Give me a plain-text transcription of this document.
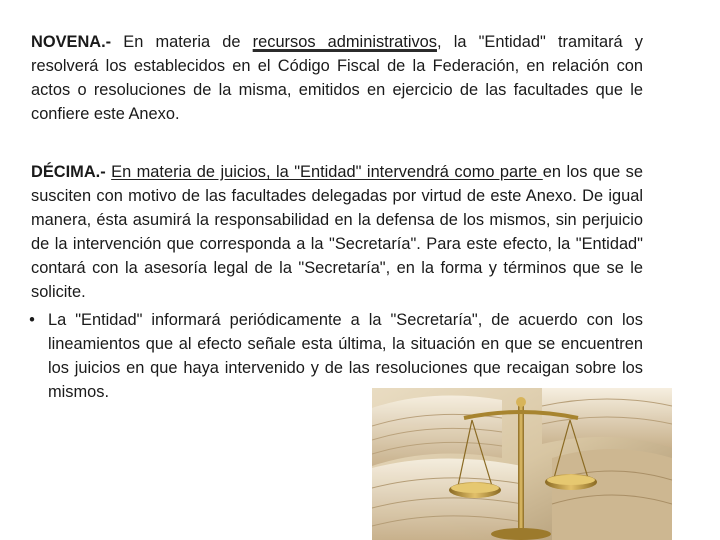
NOVENA.- En materia de recursos administrativos, la "Entidad" tramitará y resolverá los establecidos en el Código Fiscal de la Federación, en relación con actos o resoluciones de la misma, emitidos en ejercicio de las facultades que le confiere este Anexo.
DÉCIMA.- En materia de juicios, la "Entidad" intervendrá como parte en los que se susciten con motivo de las facultades delegadas por virtud de este Anexo. De igual manera, ésta asumirá la responsabilidad en la defensa de los mismos, sin perjuicio de la intervención que corresponda a la "Secretaría". Para este efecto, la "Entidad" contará con la asesoría legal de la "Secretaría", en la forma y términos que se le solicite.
• La "Entidad" informará periódicamente a la "Secretaría", de acuerdo con los lineamientos que al efecto señale esta última, la situación en que se encuentren los juicios en que haya intervenido y de las resoluciones que recaigan sobre los mismos.
